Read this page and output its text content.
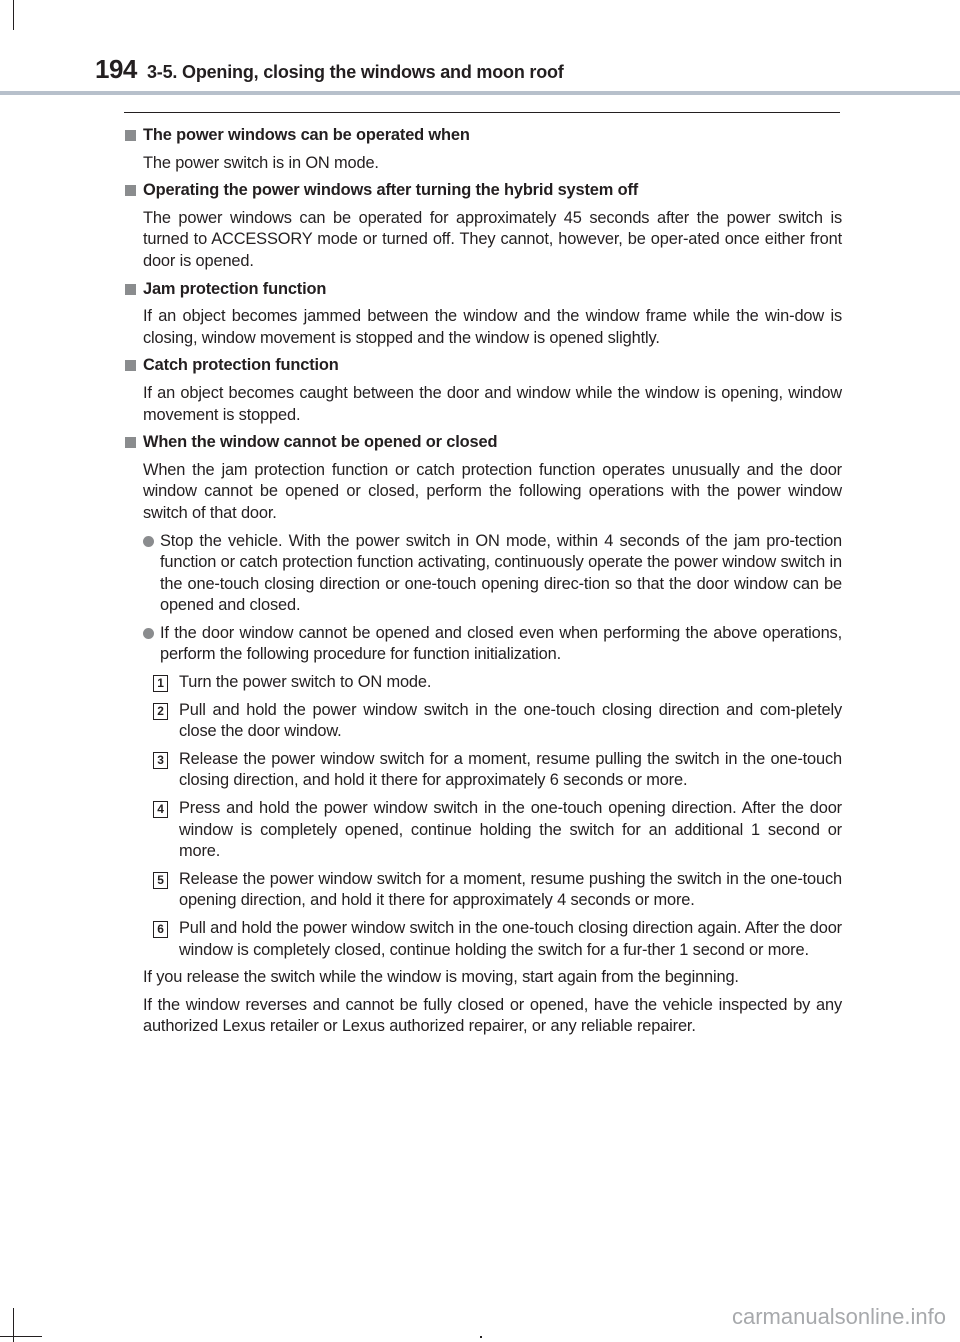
194 3-5. Opening, closing the windows and moon roof
The power windows can be operated when
The power switch is in ON mode.
Operating the power windows after turning the hybrid system off
The power windows can be operated for approximately 45 seconds after the power switch is turned to ACCESSORY mode or turned off. They cannot, however, be oper-ated once either front door is opened.
Jam protection function
If an object becomes jammed between the window and the window frame while the win-dow is closing, window movement is stopped and the window is opened slightly.
Catch protection function
If an object becomes caught between the door and window while the window is opening, window movement is stopped.
When the window cannot be opened or closed
When the jam protection function or catch protection function operates unusually and the door window cannot be opened or closed, perform the following operations with the power window switch of that door.
Stop the vehicle. With the power switch in ON mode, within 4 seconds of the jam pro-tection function or catch protection function activating, continuously operate the power window switch in the one-touch closing direction or one-touch opening direc-tion so that the door window can be opened and closed.
If the door window cannot be opened and closed even when performing the above operations, perform the following procedure for function initialization.
1 Turn the power switch to ON mode.
2 Pull and hold the power window switch in the one-touch closing direction and com-pletely close the door window.
3 Release the power window switch for a moment, resume pulling the switch in the one-touch closing direction, and hold it there for approximately 6 seconds or more.
4 Press and hold the power window switch in the one-touch opening direction. After the door window is completely opened, continue holding the switch for an additional 1 second or more.
5 Release the power window switch for a moment, resume pushing the switch in the one-touch opening direction, and hold it there for approximately 4 seconds or more.
6 Pull and hold the power window switch in the one-touch closing direction again. After the door window is completely closed, continue holding the switch for a fur-ther 1 second or more.
If you release the switch while the window is moving, start again from the beginning.
If the window reverses and cannot be fully closed or opened, have the vehicle inspected by any authorized Lexus retailer or Lexus authorized repairer, or any reliable repairer.
carmanualsonline.info
